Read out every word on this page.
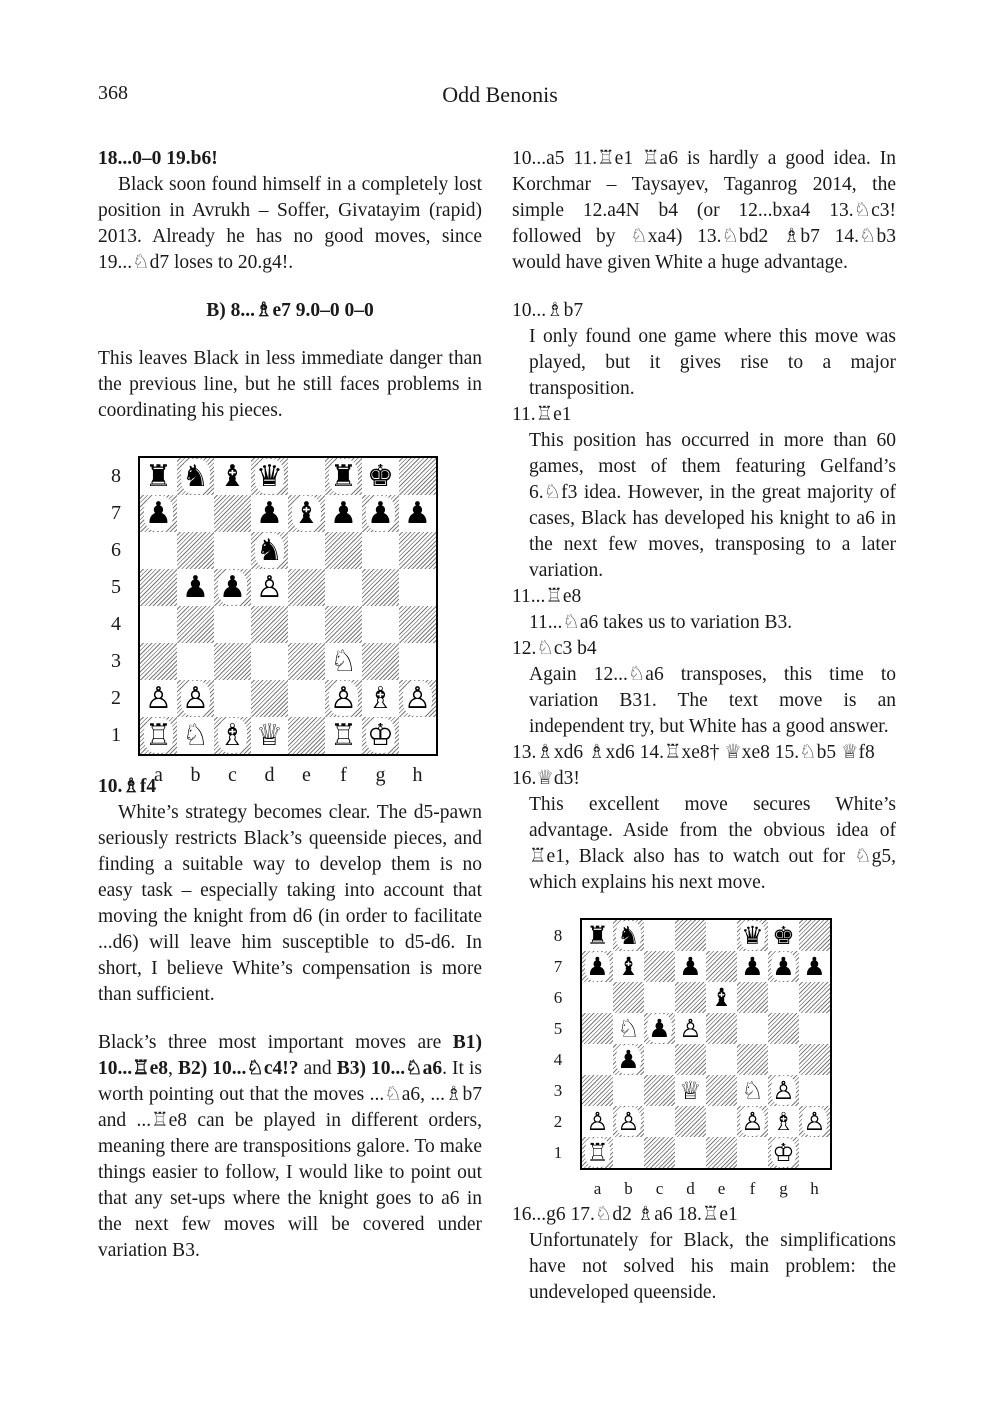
368	Odd Benonis

18...0–0 19.b6!

Black soon found himself in a completely lost position in Avrukh – Soffer, Givatayim (rapid) 2013. Already he has no good moves, since 19...♘d7 loses to 20.g4!.

B) 8...♗e7 9.0–0 0–0

This leaves Black in less immediate danger than the previous line, but he still faces problems in coordinating his pieces.

8
7
6
5
4
3
2
1
♜	♞	♝	♛		♜	♚	
♟			♟	♝	♟	♟	♟
			♞				
	♟	♟	♙				

					♘		
♙	♙				♙	♗	♙
♖	♘	♗	♕		♖	♔	
a	b	c	d	e	f	g	h

10.♗f4

White’s strategy becomes clear. The d5-pawn seriously restricts Black’s queenside pieces, and finding a suitable way to develop them is no easy task – especially taking into account that moving the knight from d6 (in order to facilitate ...d6) will leave him susceptible to d5-d6. In short, I believe White’s compensation is more than sufficient.

Black’s three most important moves are B1) 10...♖e8, B2) 10...♘c4!? and B3) 10...♘a6. It is worth pointing out that the moves ...♘a6, ...♗b7 and ...♖e8 can be played in different orders, meaning there are transpositions galore. To make things easier to follow, I would like to point out that any set-ups where the knight goes to a6 in the next few moves will be covered under variation B3.

10...a5 11.♖e1 ♖a6 is hardly a good idea. In Korchmar – Taysayev, Taganrog 2014, the simple 12.a4N b4 (or 12...bxa4 13.♘c3! followed by ♘xa4) 13.♘bd2 ♗b7 14.♘b3 would have given White a huge advantage.

10...♗b7

I only found one game where this move was played, but it gives rise to a major transposition.

11.♖e1

This position has occurred in more than 60 games, most of them featuring Gelfand’s 6.♘f3 idea. However, in the great majority of cases, Black has developed his knight to a6 in the next few moves, transposing to a later variation.

11...♖e8

11...♘a6 takes us to variation B3.

12.♘c3 b4

Again 12...♘a6 transposes, this time to variation B31. The text move is an independent try, but White has a good answer.

13.♗xd6 ♗xd6 14.♖xe8† ♕xe8 15.♘b5 ♕f8 16.♕d3!

This excellent move secures White’s advantage. Aside from the obvious idea of ♖e1, Black also has to watch out for ♘g5, which explains his next move.

8
7
6
5
4
3
2
1
♜	♞				♛	♚	
♟	♝		♟		♟	♟	♟
				♝			
	♘	♟	♙				
	♟						
			♕		♘	♙	
♙	♙				♙	♗	♙
♖						♔	
a	b	c	d	e	f	g	h

16...g6 17.♘d2 ♗a6 18.♖e1

Unfortunately for Black, the simplifications have not solved his main problem: the undeveloped queenside.
